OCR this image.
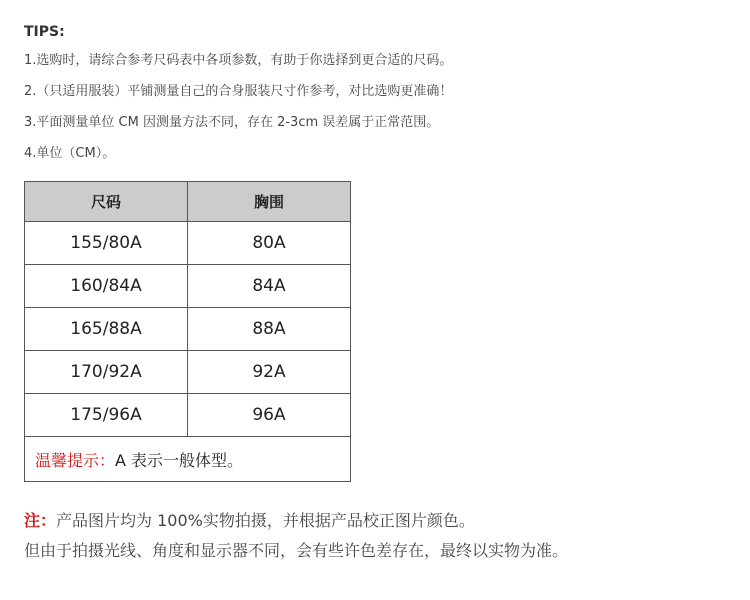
TIPS:
1.选购时，请综合参考尺码表中各项参数，有助于你选择到更合适的尺码。
2.（只适用服装）平铺测量自己的合身服装尺寸作参考，对比选购更准确！
3.平面测量单位 CM 因测量方法不同，存在 2-3cm 误差属于正常范围。
4.单位（CM）。
尺码	胸围
155/80A	80A
160/84A	84A
165/88A	88A
170/92A	92A
175/96A	96A
温馨提示：A 表示一般体型。	
注：产品图片均为 100%实物拍摄，并根据产品校正图片颜色。
但由于拍摄光线、角度和显示器不同，会有些许色差存在，最终以实物为准。
